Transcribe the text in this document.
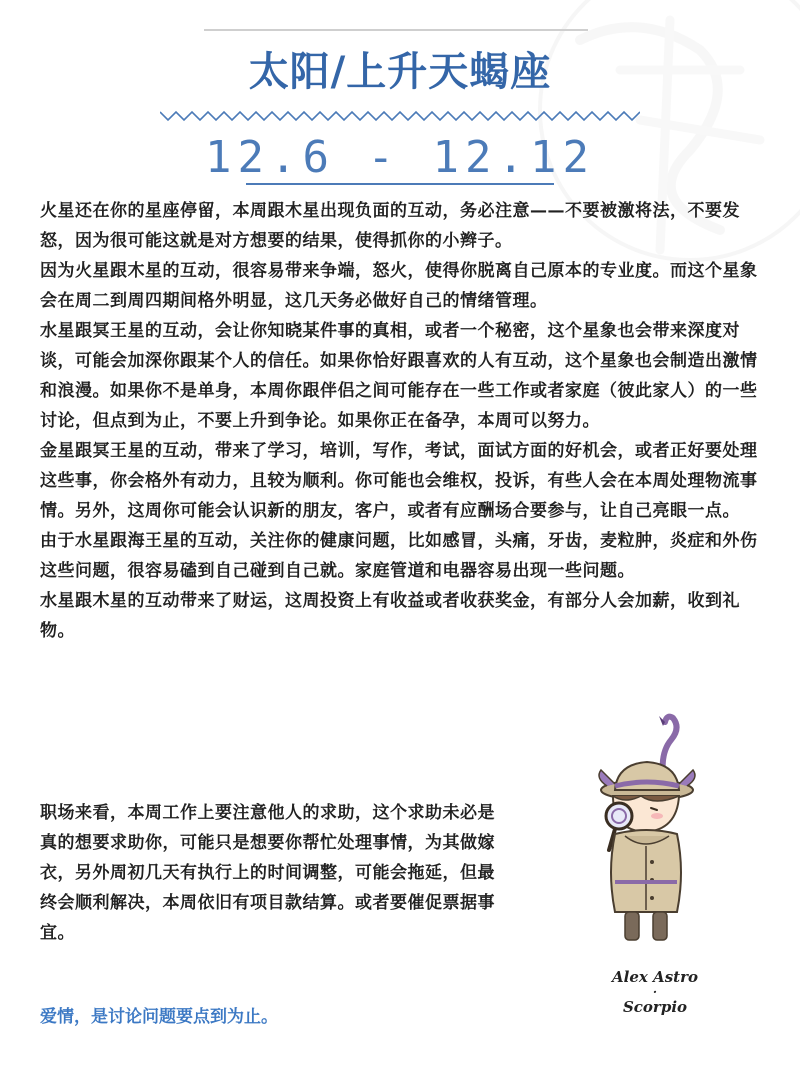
太阳/上升天蝎座
12.6 - 12.12

火星还在你的星座停留，本周跟木星出现负面的互动，务必注意——不要被激将法，不要发怒，因为很可能这就是对方想要的结果，使得抓你的小辫子。

因为火星跟木星的互动，很容易带来争端，怒火，使得你脱离自己原本的专业度。而这个星象会在周二到周四期间格外明显，这几天务必做好自己的情绪管理。

水星跟冥王星的互动，会让你知晓某件事的真相，或者一个秘密，这个星象也会带来深度对谈，可能会加深你跟某个人的信任。如果你恰好跟喜欢的人有互动，这个星象也会制造出激情和浪漫。如果你不是单身，本周你跟伴侣之间可能存在一些工作或者家庭（彼此家人）的一些讨论，但点到为止，不要上升到争论。如果你正在备孕，本周可以努力。

金星跟冥王星的互动，带来了学习，培训，写作，考试，面试方面的好机会，或者正好要处理这些事，你会格外有动力，且较为顺利。你可能也会维权，投诉，有些人会在本周处理物流事情。另外，这周你可能会认识新的朋友，客户，或者有应酬场合要参与，让自己亮眼一点。

由于水星跟海王星的互动，关注你的健康问题，比如感冒，头痛，牙齿，麦粒肿，炎症和外伤这些问题，很容易磕到自己碰到自己就。家庭管道和电器容易出现一些问题。

水星跟木星的互动带来了财运，这周投资上有收益或者收获奖金，有部分人会加薪，收到礼物。

职场来看，本周工作上要注意他人的求助，这个求助未必是真的想要求助你，可能只是想要你帮忙处理事情，为其做嫁衣，另外周初几天有执行上的时间调整，可能会拖延，但最终会顺利解决，本周依旧有项目款结算。或者要催促票据事宜。
爱情，是讨论问题要点到为止。
Alex Astro
·
Scorpio
